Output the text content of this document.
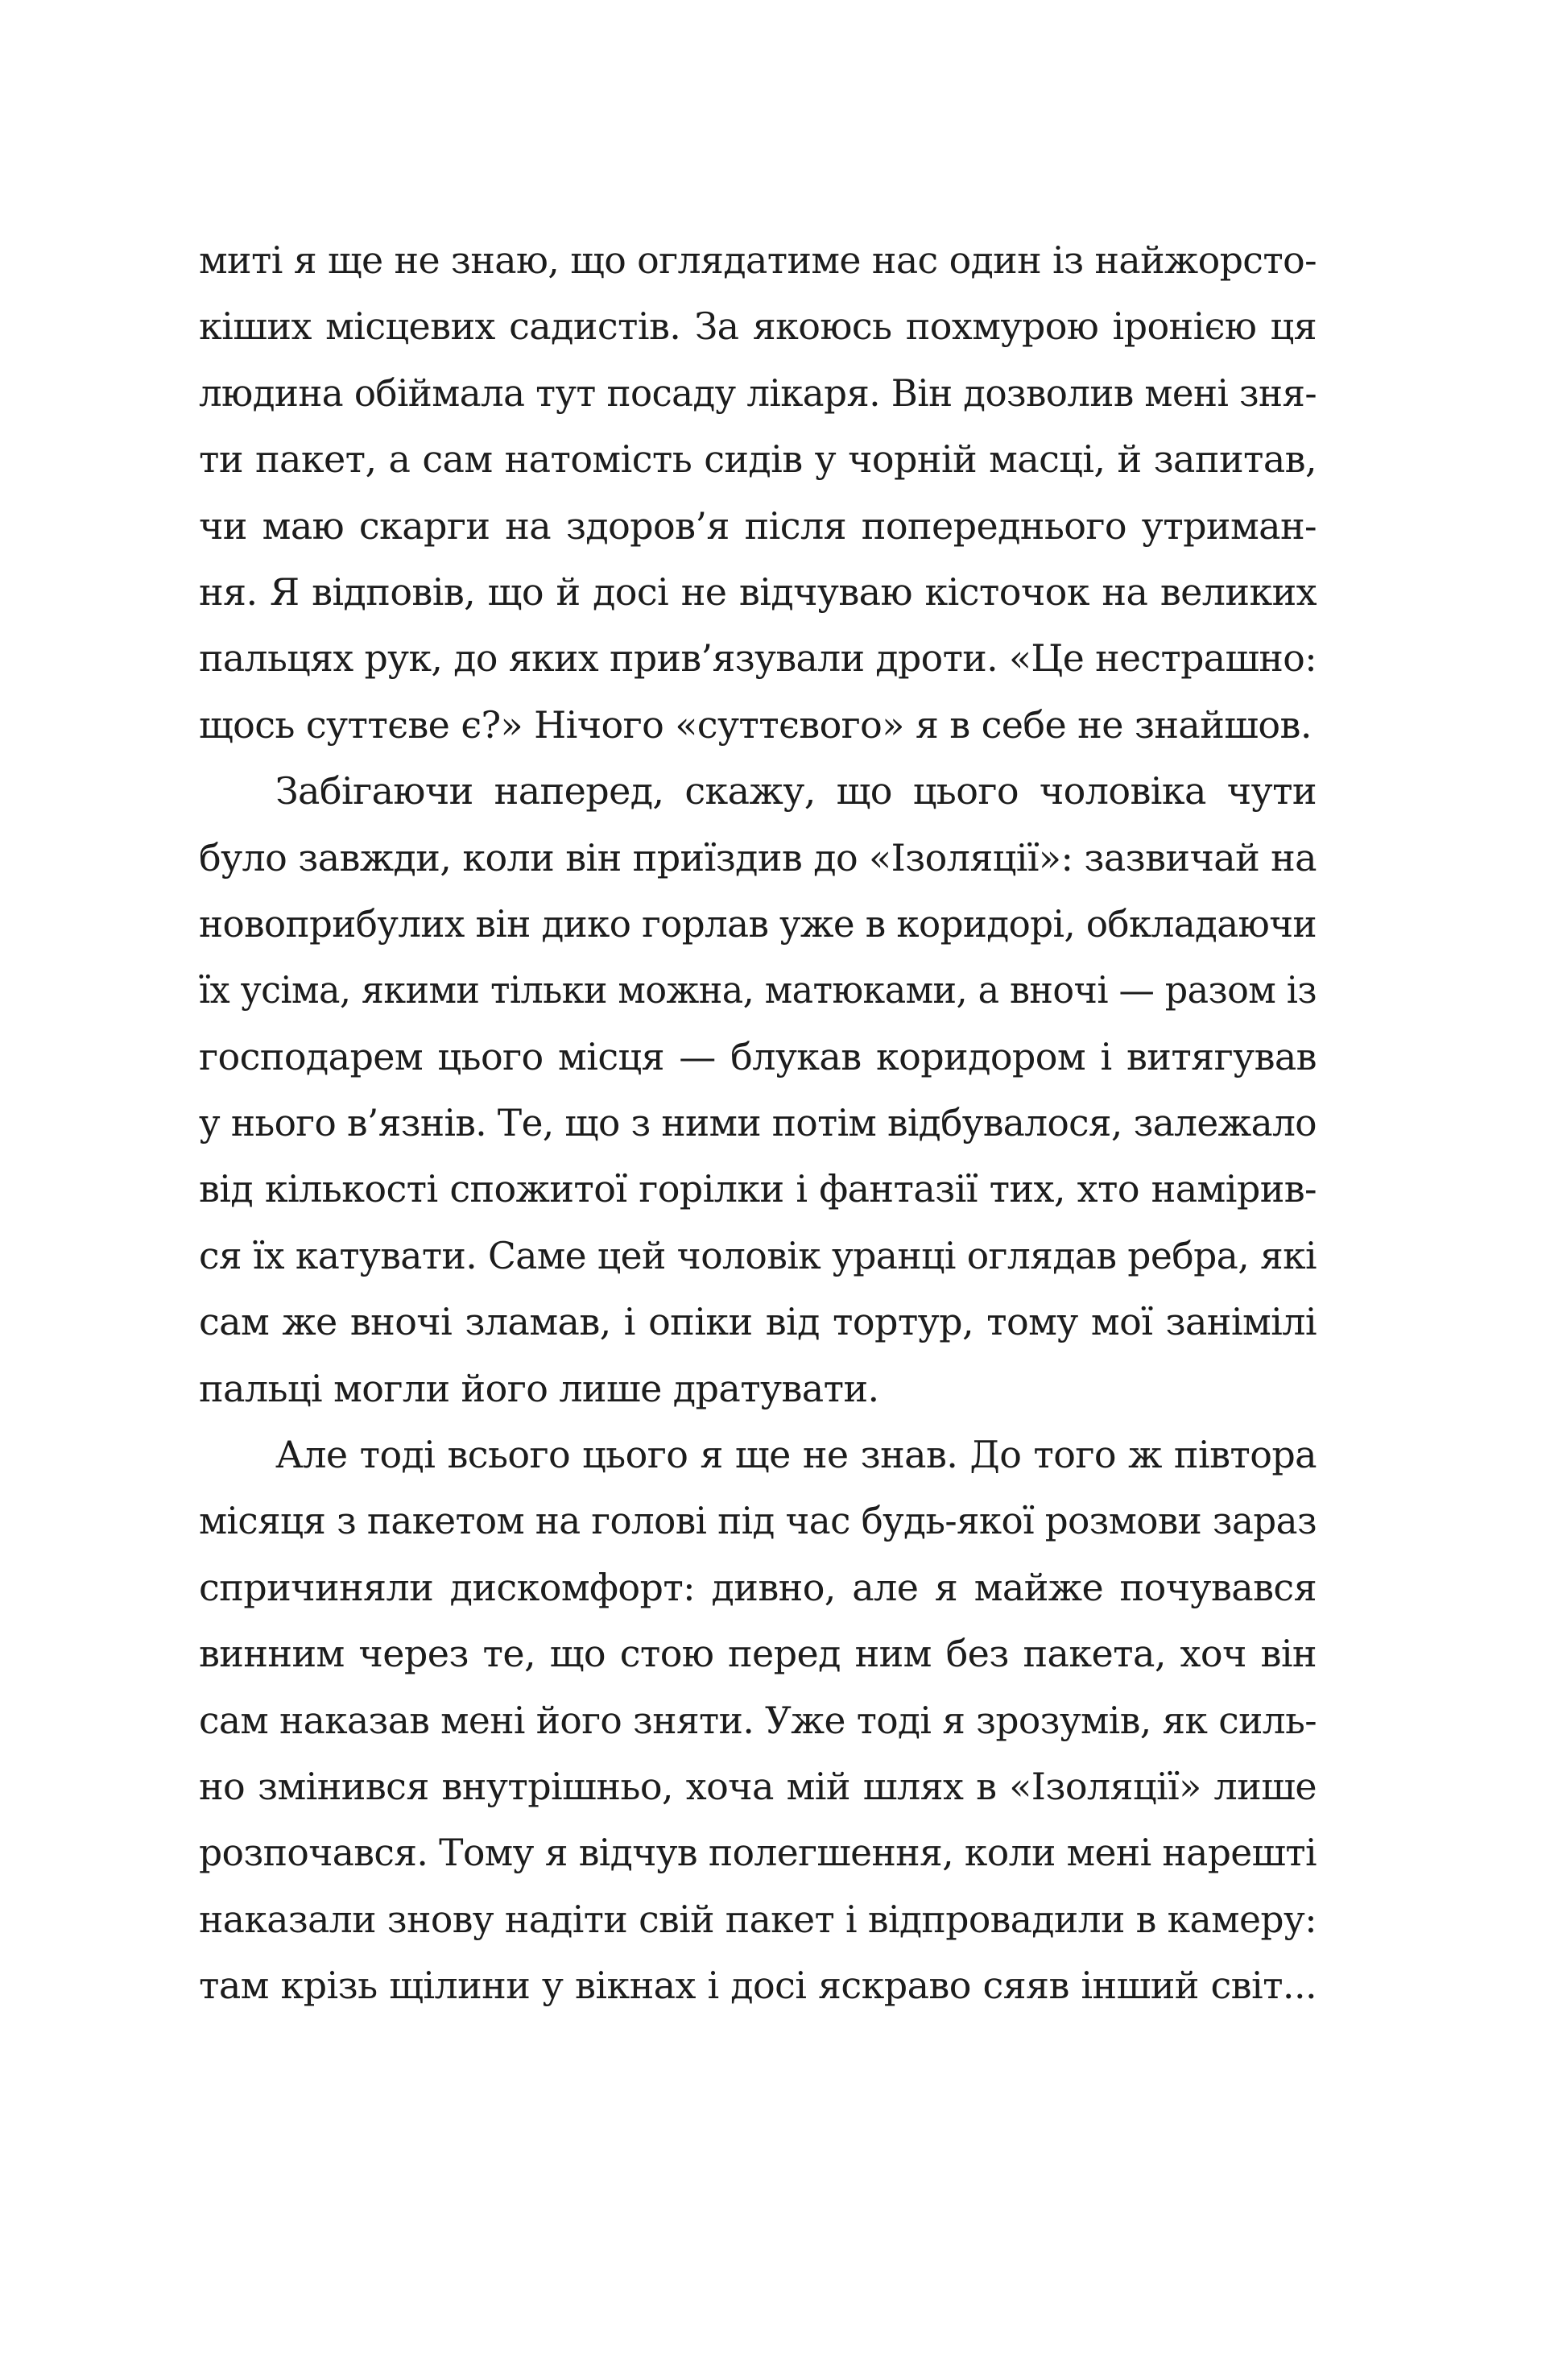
миті я ще не знаю, що оглядатиме нас один із найжорсто-
кіших місцевих садистів. За якоюсь похмурою іронією ця
людина обіймала тут посаду лікаря. Він дозволив мені зня-
ти пакет, а сам натомість сидів у чорній масці, й запитав,
чи маю скарги на здоров’я після попереднього утриман-
ня. Я відповів, що й досі не відчуваю кісточок на великих
пальцях рук, до яких прив’язували дроти. «Це нестрашно:
щось суттєве є?» Нічого «суттєвого» я в себе не знайшов.
Забігаючи наперед, скажу, що цього чоловіка чути
було завжди, коли він приїздив до «Ізоляції»: зазвичай на
новоприбулих він дико горлав уже в коридорі, обкладаючи
їх усіма, якими тільки можна, матюками, а вночі — разом із
господарем цього місця — блукав коридором і витягував
у нього в’язнів. Те, що з ними потім відбувалося, залежало
від кількості спожитої горілки і фантазії тих, хто намірив-
ся їх катувати. Саме цей чоловік уранці оглядав ребра, які
сам же вночі зламав, і опіки від тортур, тому мої занімілі
пальці могли його лише дратувати.
Але тоді всього цього я ще не знав. До того ж півтора
місяця з пакетом на голові під час будь-якої розмови зараз
спричиняли дискомфорт: дивно, але я майже почувався
винним через те, що стою перед ним без пакета, хоч він
сам наказав мені його зняти. Уже тоді я зрозумів, як силь-
но змінився внутрішньо, хоча мій шлях в «Ізоляції» лише
розпочався. Тому я відчув полегшення, коли мені нарешті
наказали знову надіти свій пакет і відпровадили в камеру:
там крізь щілини у вікнах і досі яскраво сяяв інший світ...
